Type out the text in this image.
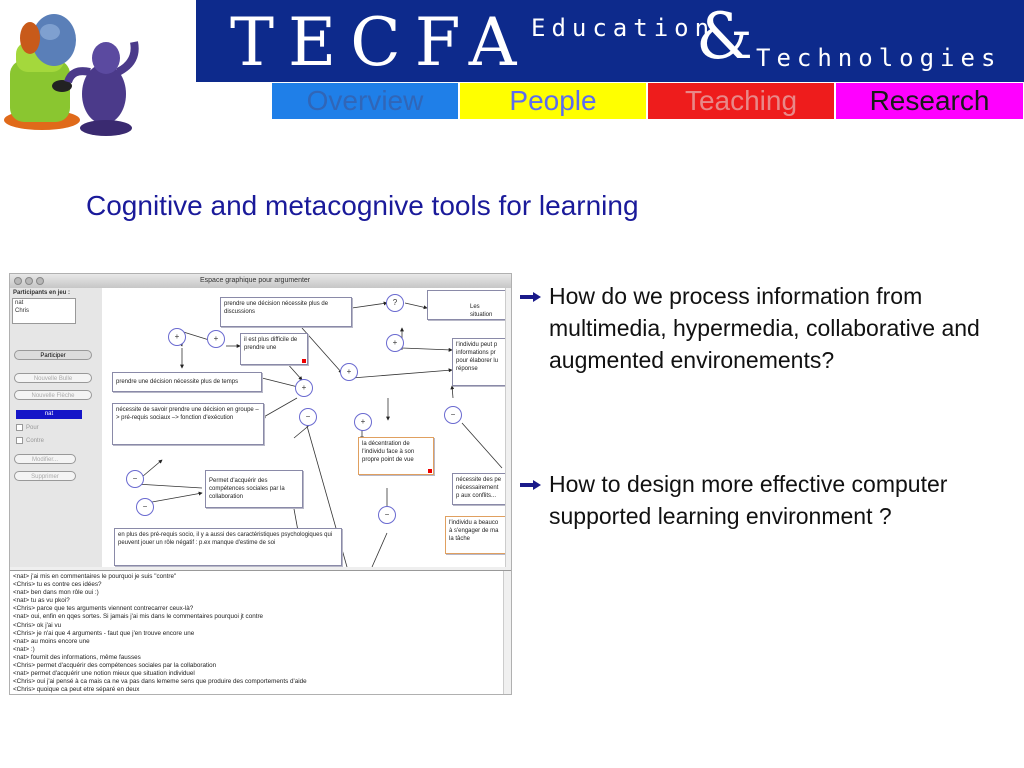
TECFA Education
& Technologies
Overview	People	Teaching	Research
Cognitive and metacognive tools for learning
Espace graphique pour argumenter
Participants en jeu :
nat
Chris
Participer
Nouvelle Bulle
Nouvelle Flèche
nat
Pour
Contre
Modifier...
Supprimer
prendre une décision nécessite plus de discussions
Les situation
il est plus difficile de prendre une	l'individu peut p informations pr pour élaborer lu réponse
prendre une décision nécessite plus de temps
nécessite de savoir prendre une décision en groupe –> pré-requis sociaux –> fonction d'exécution
la décentration de l'individu face à son propre point de vue
Permet d'acquérir des compétences sociales par la collaboration
nécessite des pe nécessairement p aux conflits...
l'individu a beauco à s'engager de ma la tâche
en plus des pré-requis socio, il y a aussi des caractéristiques psychologiques qui peuvent jouer un rôle négatif : p.ex manque d'estime de soi
?
+	+	+
+
+
−
+
−
−
−
−
<nat> j'ai mis en commentaires le pourquoi je suis "contre"
<Chris> tu es contre ces idées?
<nat> ben dans mon rôle oui :)
<nat> tu as vu pkoi?
<Chris> parce que tes arguments viennent contrecarrer ceux-là?
<nat> oui, enfin en qqes sortes. Si jamais j'ai mis dans le commentaires pourquoi jt contre
<Chris> ok j'ai vu
<Chris> je n'ai que 4 arguments - faut que j'en trouve encore une
<nat> au moins encore une
<nat> :)
<nat> fournit des informations, même fausses
<Chris> permet d'acquérir des compétences sociales par la collaboration
<nat> permet d'acquérir une notion mieux que situation individuel
<Chris> oui j'ai pensé à ca mais ca ne va pas dans lememe sens que produire des comportements d'aide
<Chris> quoique ca peut etre séparé en deux
How do we process information from multimedia, hypermedia, collaborative and augmented environements?
How to design more effective computer supported learning environment ?
